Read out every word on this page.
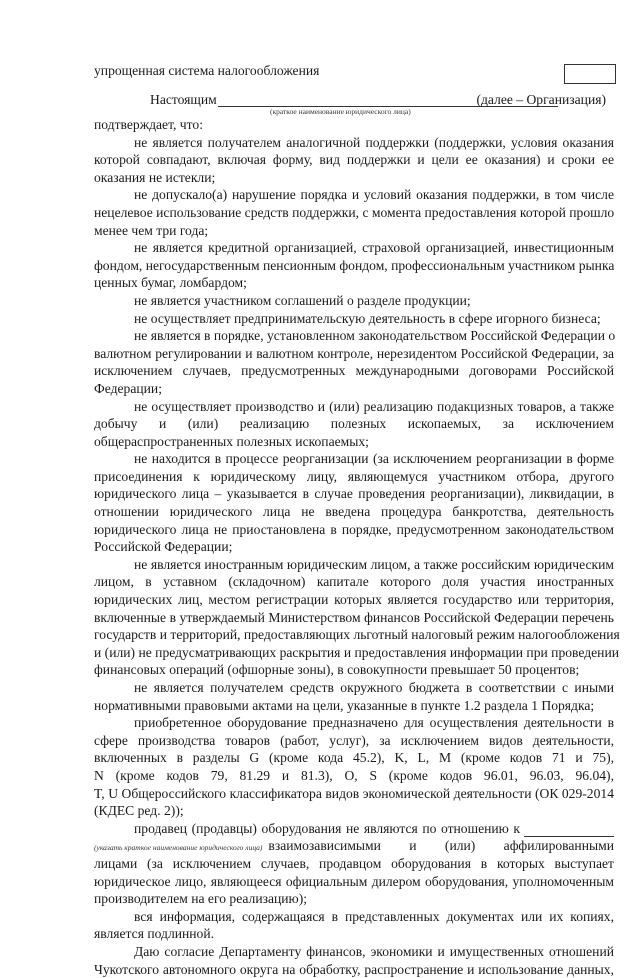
упрощенная система налогообложения
Настоящим	(далее – Организация)
(краткое наименование юридического лица)
подтверждает, что:
не является получателем аналогичной поддержки (поддержки, условия оказания
которой совпадают, включая форму, вид поддержки и цели ее оказания) и сроки ее
оказания не истекли;
не допускало(а) нарушение порядка и условий оказания поддержки, в том числе
нецелевое использование средств поддержки, с момента предоставления которой прошло
менее чем три года;
не является кредитной организацией, страховой организацией, инвестиционным
фондом, негосударственным пенсионным фондом, профессиональным участником рынка
ценных бумаг, ломбардом;
не является участником соглашений о разделе продукции;
не осуществляет предпринимательскую деятельность в сфере игорного бизнеса;
не является в порядке, установленном законодательством Российской Федерации о
валютном регулировании и валютном контроле, нерезидентом Российской Федерации, за
исключением случаев, предусмотренных международными договорами Российской
Федерации;
не осуществляет производство и (или) реализацию подакцизных товаров, а также
добычу и (или) реализацию полезных ископаемых, за исключением
общераспространенных полезных ископаемых;
не находится в процессе реорганизации (за исключением реорганизации в форме
присоединения к юридическому лицу, являющемуся участником отбора, другого
юридического лица – указывается в случае проведения реорганизации), ликвидации, в
отношении юридического лица не введена процедура банкротства, деятельность
юридического лица не приостановлена в порядке, предусмотренном законодательством
Российской Федерации;
не является иностранным юридическим лицом, а также российским юридическим
лицом, в уставном (складочном) капитале которого доля участия иностранных
юридических лиц, местом регистрации которых является государство или территория,
включенные в утверждаемый Министерством финансов Российской Федерации перечень
государств и территорий, предоставляющих льготный налоговый режим налогообложения
и (или) не предусматривающих раскрытия и предоставления информации при проведении
финансовых операций (офшорные зоны), в совокупности превышает 50 процентов;
не является получателем средств окружного бюджета в соответствии с иными
нормативными правовыми актами на цели, указанные в пункте 1.2 раздела 1 Порядка;
приобретенное оборудование предназначено для осуществления деятельности в
сфере производства товаров (работ, услуг), за исключением видов деятельности,
включенных в разделы G (кроме кода 45.2), K, L, M (кроме кодов 71 и 75),
N (кроме кодов 79, 81.29 и 81.3), O, S (кроме кодов 96.01, 96.03, 96.04),
T, U Общероссийского классификатора видов экономической деятельности (ОК 029-2014
(КДЕС ред. 2));
продавец (продавцы) оборудования не являются по отношению к
(указать краткое наименование юридического лица) взаимозависимыми и (или) аффилированными
лицами (за исключением случаев, продавцом оборудования в которых выступает
юридическое лицо, являющееся официальным дилером оборудования, уполномоченным
производителем на его реализацию);
вся информация, содержащаяся в представленных документах или их копиях,
является подлинной.
Даю согласие Департаменту финансов, экономики и имущественных отношений
Чукотского автономного округа на обработку, распространение и использование данных,
